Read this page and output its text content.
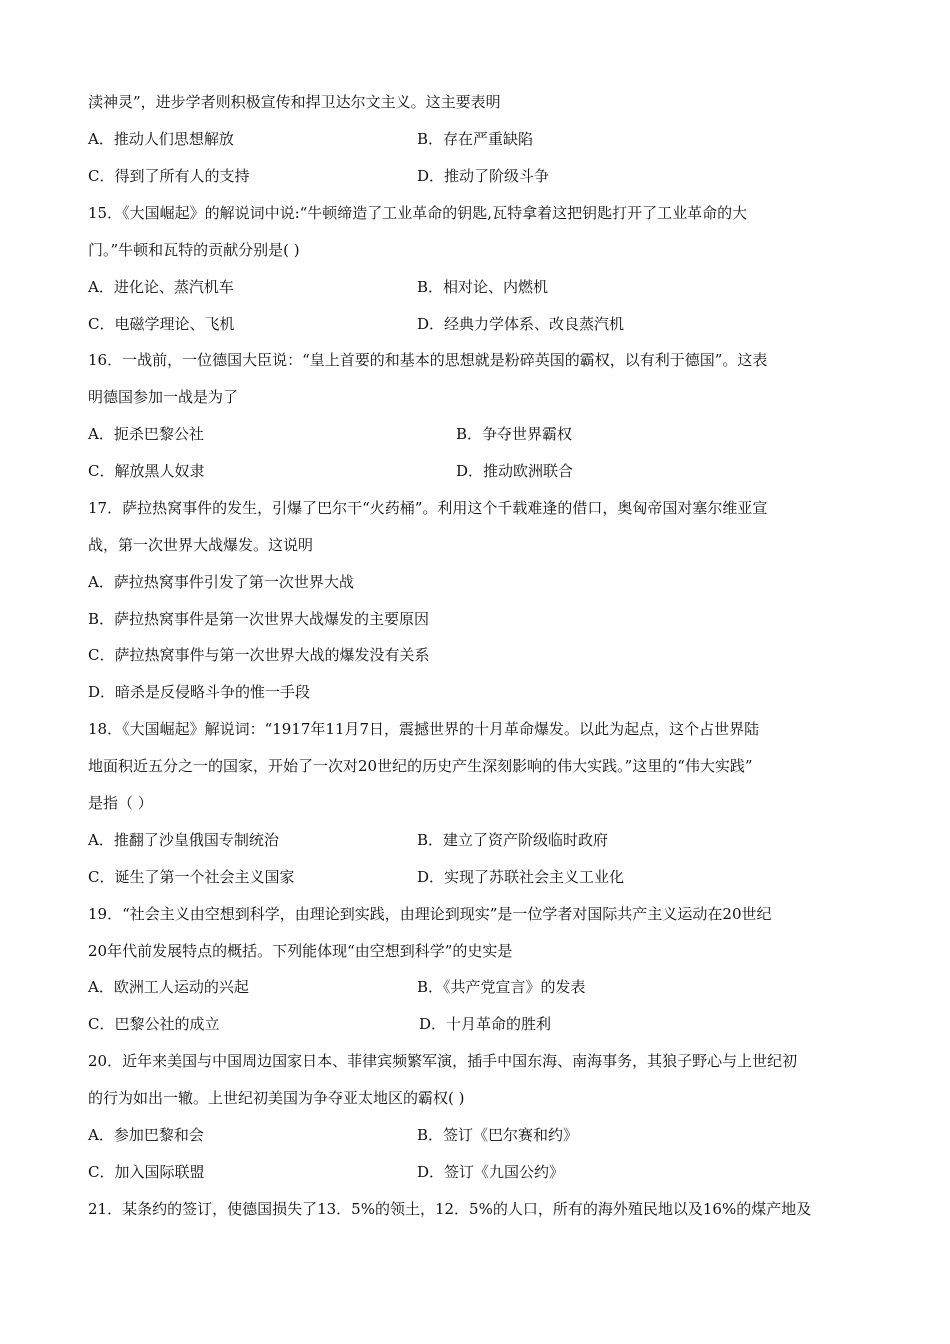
渎神灵”，进步学者则积极宣传和捍卫达尔文主义。这主要表明
A．推动人们思想解放	B．存在严重缺陷
C．得到了所有人的支持	D．推动了阶级斗争
15．《大国崛起》的解说词中说:“牛顿缔造了工业革命的钥匙,瓦特拿着这把钥匙打开了工业革命的大
门。”牛顿和瓦特的贡献分别是( )
A．进化论、蒸汽机车	B．相对论、内燃机
C．电磁学理论、飞机	D．经典力学体系、改良蒸汽机
16．一战前，一位德国大臣说：“皇上首要的和基本的思想就是粉碎英国的霸权，以有利于德国”。这表
明德国参加一战是为了
A．扼杀巴黎公社	B．争夺世界霸权
C．解放黑人奴隶	D．推动欧洲联合
17．萨拉热窝事件的发生，引爆了巴尔干“火药桶”。利用这个千载难逢的借口，奥匈帝国对塞尔维亚宣
战，第一次世界大战爆发。这说明
A．萨拉热窝事件引发了第一次世界大战
B．萨拉热窝事件是第一次世界大战爆发的主要原因
C．萨拉热窝事件与第一次世界大战的爆发没有关系
D．暗杀是反侵略斗争的惟一手段
18．《大国崛起》解说词：“1917年11月7日，震撼世界的十月革命爆发。以此为起点，这个占世界陆
地面积近五分之一的国家，开始了一次对20世纪的历史产生深刻影响的伟大实践。”这里的“伟大实践”
是指（ ）
A．推翻了沙皇俄国专制统治	B．建立了资产阶级临时政府
C．诞生了第一个社会主义国家	D．实现了苏联社会主义工业化
19．“社会主义由空想到科学，由理论到实践，由理论到现实”是一位学者对国际共产主义运动在20世纪
20年代前发展特点的概括。下列能体现“由空想到科学”的史实是
A．欧洲工人运动的兴起	B．《共产党宣言》的发表
C．巴黎公社的成立	D．十月革命的胜利
20．近年来美国与中国周边国家日本、菲律宾频繁军演，插手中国东海、南海事务，其狼子野心与上世纪初
的行为如出一辙。上世纪初美国为争夺亚太地区的霸权( )
A．参加巴黎和会	B．签订《巴尔赛和约》
C．加入国际联盟	D．签订《九国公约》
21．某条约的签订，使德国损失了13．5%的领土，12．5%的人口，所有的海外殖民地以及16%的煤产地及
